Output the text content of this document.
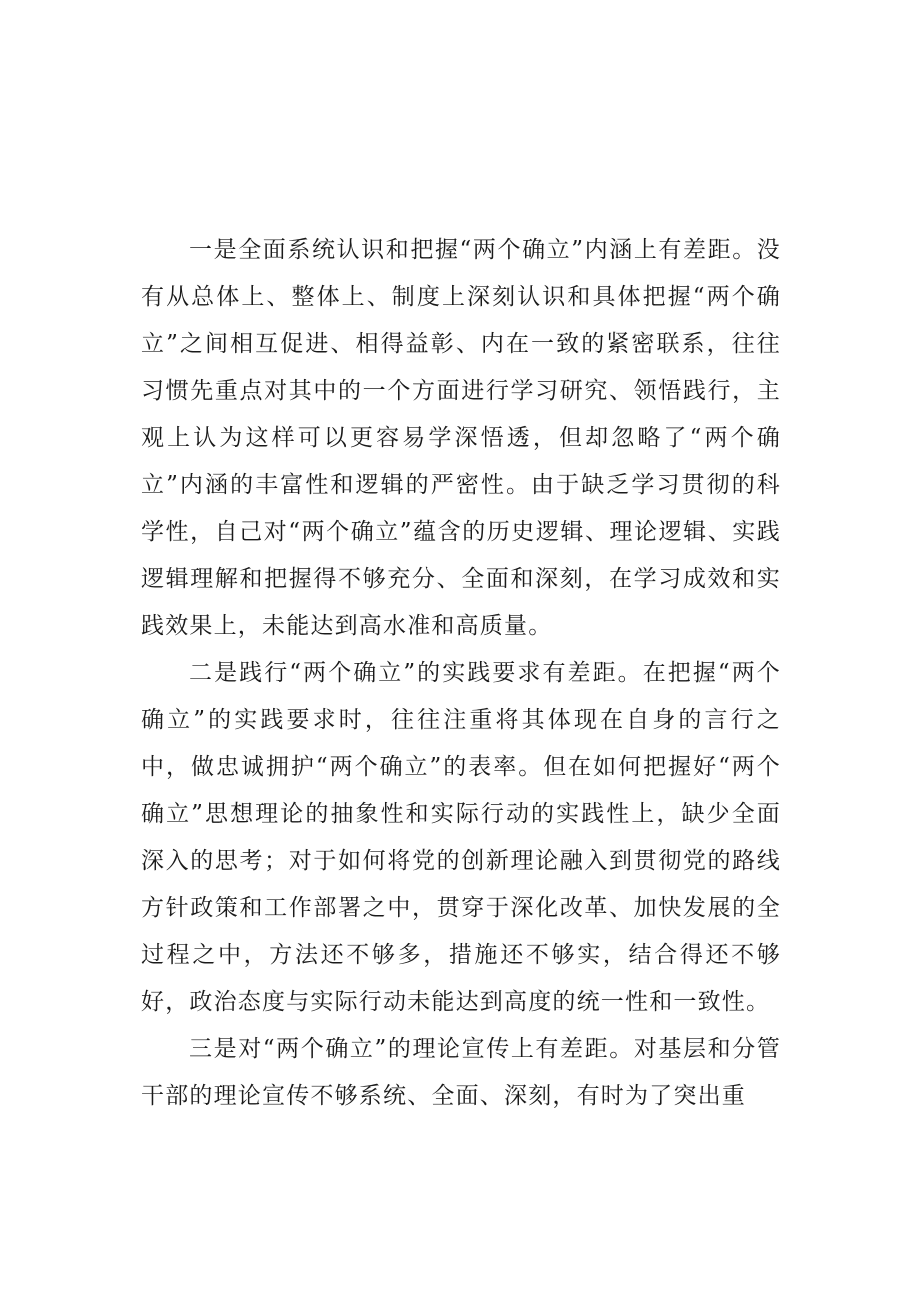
一是全面系统认识和把握“两个确立”内涵上有差距。没有从总体上、整体上、制度上深刻认识和具体把握“两个确立”之间相互促进、相得益彰、内在一致的紧密联系，往往习惯先重点对其中的一个方面进行学习研究、领悟践行，主观上认为这样可以更容易学深悟透，但却忽略了“两个确立”内涵的丰富性和逻辑的严密性。由于缺乏学习贯彻的科学性，自己对“两个确立”蕴含的历史逻辑、理论逻辑、实践逻辑理解和把握得不够充分、全面和深刻，在学习成效和实践效果上，未能达到高水准和高质量。

二是践行“两个确立”的实践要求有差距。在把握“两个确立”的实践要求时，往往注重将其体现在自身的言行之中，做忠诚拥护“两个确立”的表率。但在如何把握好“两个确立”思想理论的抽象性和实际行动的实践性上，缺少全面深入的思考；对于如何将党的创新理论融入到贯彻党的路线方针政策和工作部署之中，贯穿于深化改革、加快发展的全过程之中，方法还不够多，措施还不够实，结合得还不够好，政治态度与实际行动未能达到高度的统一性和一致性。

三是对“两个确立”的理论宣传上有差距。对基层和分管干部的理论宣传不够系统、全面、深刻，有时为了突出重
